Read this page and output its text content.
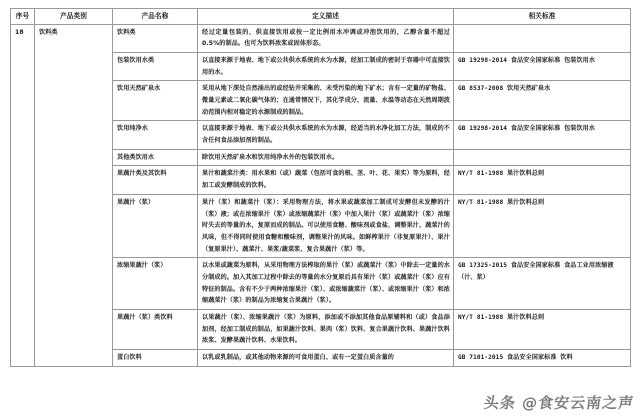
序号	产品类别	产品名称	定义描述	相关标准
18	饮料类	饮料类	经过定量包装的，供直接饮用或按一定比例用水冲调或冲泡饮用的，乙醇含量不超过 0.5%的制品。也可为饮料浓浆或固体形态。	
		包装饮用水类	以直接来源于地表、地下或公共供水系统的水为水源，经加工制成的密封于容器中可直接饮用的水。	GB 19298-2014 食品安全国家标准 包装饮用水
		饮用天然矿泉水	采用从地下深处自然涌出的或经钻井采集的、未受污染的地下矿水；含有一定量的矿物盐、微量元素或二氧化碳气体的；在通常情况下，其化学成分、流量、水温等动态在天然周期波动范围内相对稳定的水源制成的制品。	GB 8537-2008 饮用天然矿泉水
		饮用纯净水	以直接来源于地表、地下或公共供水系统的水为水源，经适当的水净化加工方法，制成的不含任何食品添加剂的制品。	GB 19298-2014 食品安全国家标准 包装饮用水
		其他类饮用水	除饮用天然矿泉水和饮用纯净水外的包装饮用水。	
		果蔬汁类及其饮料	果汁和蔬菜汁类：用水果和（或）蔬菜（包括可食的根、茎、叶、花、果实）等为原料，经加工或发酵制成的饮料。	NY/T 81-1988 果汁饮料总则
		果蔬汁（浆）	果汁（浆）和蔬菜汁（浆）：采用物理方法，将水果或蔬菜加工制成可发酵但未发酵的汁（浆）液；或在浓缩果汁（浆）或浓缩蔬菜汁（浆）中加入果汁（浆）或蔬菜汁（浆）浓缩时失去的等量的水，复原而成的制品。可以使用食糖、酸味剂或食盐，调整果汁、蔬菜汁的风味，但不得同时使用食糖和酸味剂，调整果汁的风味。如鲜榨果汁（非复原果汁）、果汁（复原果汁）、蔬菜汁、果浆/蔬菜浆、复合果蔬汁（浆）等。	NY/T 81-1988 果汁饮料总则
		浓缩果蔬汁（浆）	以水果或蔬菜为原料，从采用物理方法榨取的果汁（浆）或蔬菜汁（浆）中除去一定量的水分制成的。加入其加工过程中除去的等量的水分复原后具有果汁（浆）或蔬菜汁（浆）应有特征的制品。含有不少于两种浓缩果汁（浆）、或浓缩蔬菜汁（浆）、或浓缩果汁（浆）和浓缩蔬菜汁（浆）的制品为浓缩复合果蔬汁（浆）。	GB 17325-2015 食品安全国家标准 食品工业用浓缩液（汁、浆）
		果蔬汁（浆）类饮料	以果蔬汁（浆）、浓缩果蔬汁（浆）为原料，添加或不添加其他食品原辅料和（或）食品添加剂，经加工制成的制品，如果蔬汁饮料、果肉（浆）饮料、复合果蔬汁饮料、果蔬汁饮料浓浆、发酵果蔬汁饮料、水果饮料。	NY/T 81-1988 果汁饮料总则
		蛋白饮料	以乳或乳制品，或其他动物来源的可食用蛋白、或有一定蛋白质含量的	GB 7101-2015 食品安全国家标准 饮料
头条 @食安云南之声
